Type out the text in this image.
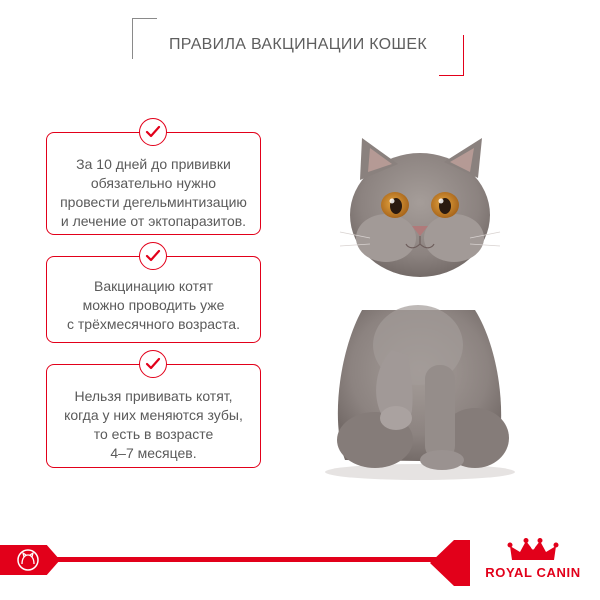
ПРАВИЛА ВАКЦИНАЦИИ КОШЕК
За 10 дней до прививки
обязательно нужно
провести дегельминтизацию
и лечение от эктопаразитов.
Вакцинацию котят
можно проводить уже
с трёхмесячного возраста.
Нельзя прививать котят,
когда у них меняются зубы,
то есть в возрасте
4–7 месяцев.
ROYAL CANIN
